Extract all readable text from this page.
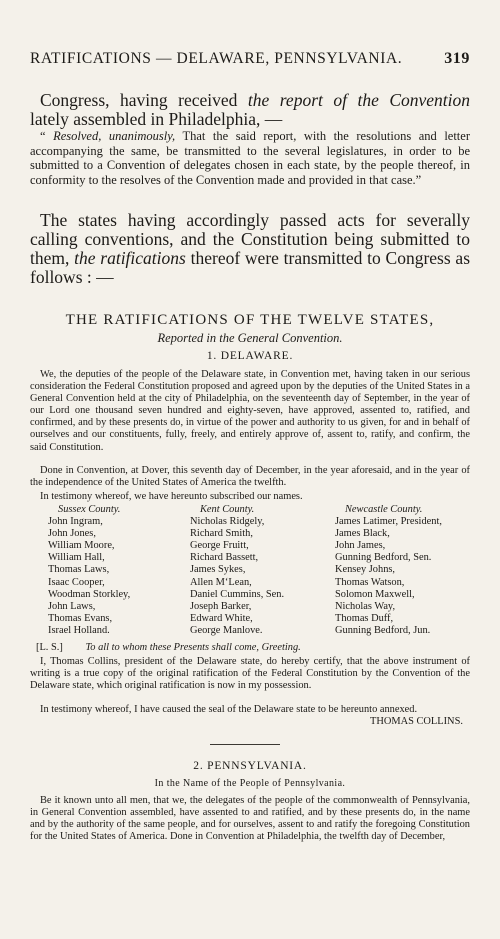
RATIFICATIONS — DELAWARE, PENNSYLVANIA.	319

Congress, having received the report of the Convention lately assembled in Philadelphia, —

“ Resolved, unanimously, That the said report, with the resolutions and letter accompanying the same, be transmitted to the several legislatures, in order to be submitted to a Convention of delegates chosen in each state, by the people thereof, in conformity to the resolves of the Convention made and provided in that case.”

The states having accordingly passed acts for severally calling conventions, and the Constitution being submitted to them, the ratifications thereof were transmitted to Congress as follows : —

THE RATIFICATIONS OF THE TWELVE STATES,
Reported in the General Convention.
1. DELAWARE.

We, the deputies of the people of the Delaware state, in Convention met, having taken in our serious consideration the Federal Constitution proposed and agreed upon by the deputies of the United States in a General Convention held at the city of Philadelphia, on the seventeenth day of September, in the year of our Lord one thousand seven hundred and eighty-seven, have approved, assented to, ratified, and confirmed, and by these presents do, in virtue of the power and authority to us given, for and in behalf of ourselves and our constituents, fully, freely, and entirely approve of, assent to, ratify, and confirm, the said Constitution.

Done in Convention, at Dover, this seventh day of December, in the year aforesaid, and in the year of the independence of the United States of America the twelfth.

In testimony whereof, we have hereunto subscribed our names.

Sussex County.
John Ingram,
John Jones,
William Moore,
William Hall,
Thomas Laws,
Isaac Cooper,
Woodman Storkley,
John Laws,
Thomas Evans,
Israel Holland.
Kent County.
Nicholas Ridgely,
Richard Smith,
George Fruitt,
Richard Bassett,
James Sykes,
Allen M‘Lean,
Daniel Cummins, Sen.
Joseph Barker,
Edward White,
George Manlove.
Newcastle County.
James Latimer, President,
James Black,
John James,
Gunning Bedford, Sen.
Kensey Johns,
Thomas Watson,
Solomon Maxwell,
Nicholas Way,
Thomas Duff,
Gunning Bedford, Jun.
[L. S.] To all to whom these Presents shall come, Greeting.

I, Thomas Collins, president of the Delaware state, do hereby certify, that the above instrument of writing is a true copy of the original ratification of the Federal Constitution by the Convention of the Delaware state, which original ratification is now in my possession.

In testimony whereof, I have caused the seal of the Delaware state to be hereunto annexed.

THOMAS COLLINS.
2. PENNSYLVANIA.
In the Name of the People of Pennsylvania.

Be it known unto all men, that we, the delegates of the people of the commonwealth of Pennsylvania, in General Convention assembled, have assented to and ratified, and by these presents do, in the name and by the authority of the same people, and for ourselves, assent to and ratify the foregoing Constitution for the United States of America. Done in Convention at Philadelphia, the twelfth day of December,
